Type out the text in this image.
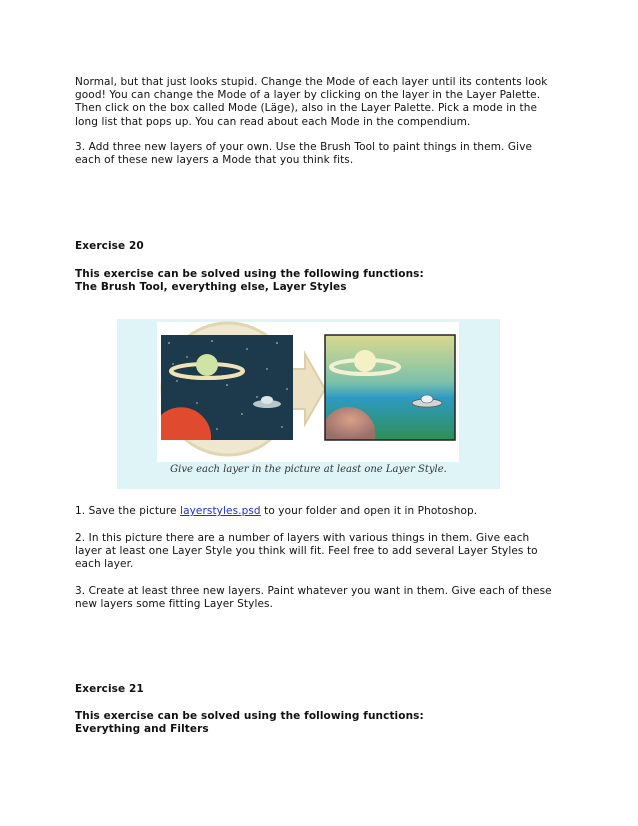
Normal, but that just looks stupid. Change the Mode of each layer until its contents look good! You can change the Mode of a layer by clicking on the layer in the Layer Palette. Then click on the box called Mode (Läge), also in the Layer Palette. Pick a mode in the long list that pops up. You can read about each Mode in the compendium.

3. Add three new layers of your own. Use the Brush Tool to paint things in them. Give each of these new layers a Mode that you think fits.

Exercise 20

This exercise can be solved using the following functions:

The Brush Tool, everything else, Layer Styles

Give each layer in the picture at least one Layer Style.

1. Save the picture layerstyles.psd to your folder and open it in Photoshop.

2. In this picture there are a number of layers with various things in them. Give each layer at least one Layer Style you think will fit. Feel free to add several Layer Styles to each layer.

3. Create at least three new layers. Paint whatever you want in them. Give each of these new layers some fitting Layer Styles.

Exercise 21

This exercise can be solved using the following functions:

Everything and Filters
